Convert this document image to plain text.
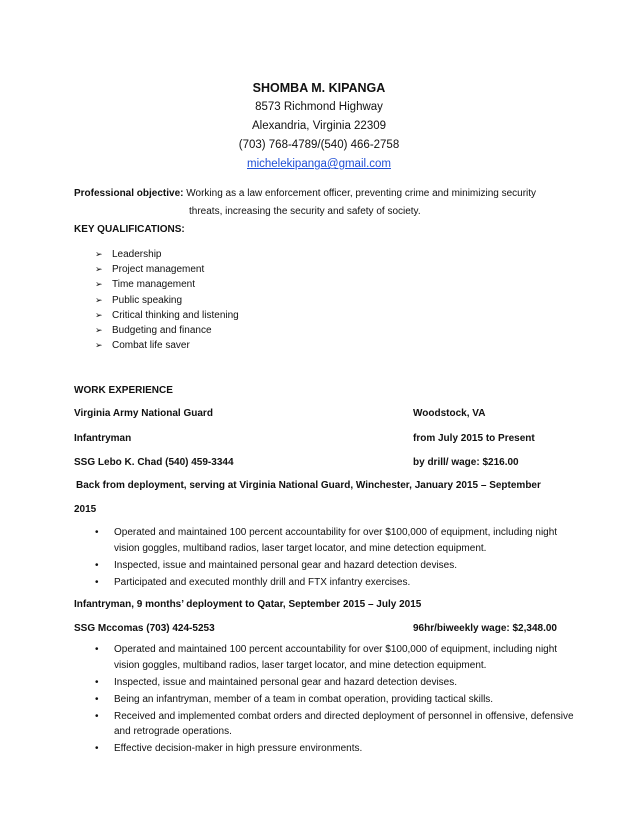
SHOMBA M. KIPANGA
8573 Richmond Highway
Alexandria, Virginia 22309
(703) 768-4789/(540) 466-2758
michelekipanga@gmail.com
Professional objective: Working as a law enforcement officer, preventing crime and minimizing security
threats, increasing the security and safety of society.
KEY QUALIFICATIONS:
➢ Leadership
➢ Project management
➢ Time management
➢ Public speaking
➢ Critical thinking and listening
➢ Budgeting and finance
➢ Combat life saver
WORK EXPERIENCE
Virginia Army National Guard	Woodstock, VA
Infantryman	from July 2015 to Present
SSG Lebo K. Chad (540) 459-3344	by drill/ wage: $216.00
Back from deployment, serving at Virginia National Guard, Winchester, January 2015 – September
2015
• Operated and maintained 100 percent accountability for over $100,000 of equipment, including night vision goggles, multiband radios, laser target locator, and mine detection equipment.
• Inspected, issue and maintained personal gear and hazard detection devises.
• Participated and executed monthly drill and FTX infantry exercises.
Infantryman, 9 months’ deployment to Qatar, September 2015 – July 2015
SSG Mccomas (703) 424-5253	96hr/biweekly wage: $2,348.00
• Operated and maintained 100 percent accountability for over $100,000 of equipment, including night vision goggles, multiband radios, laser target locator, and mine detection equipment.
• Inspected, issue and maintained personal gear and hazard detection devises.
• Being an infantryman, member of a team in combat operation, providing tactical skills.
• Received and implemented combat orders and directed deployment of personnel in offensive, defensive and retrograde operations.
• Effective decision-maker in high pressure environments.
